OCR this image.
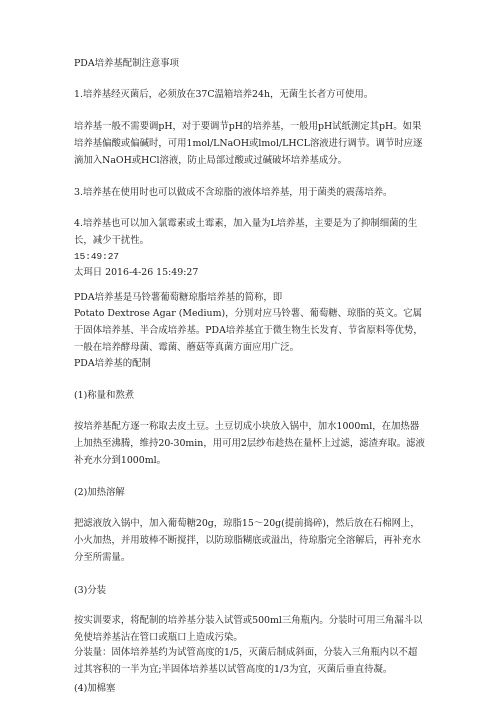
PDA培养基配制注意事项

1.培养基经灭菌后，必须放在37C温箱培养24h，无菌生长者方可使用。

培养基一般不需要调pH，对于要调节pH的培养基，一般用pH试纸测定其pH。如果培养基偏酸或偏碱时，可用1mol/LNaOH或lmol/LHCL溶液进行调节。调节时应逐滴加入NaOH或HCl溶液，防止局部过酸或过碱破坏培养基成分。

3.培养基在使用时也可以做成不含琼脂的液体培养基，用于菌类的震荡培养。

4.培养基也可以加入氯霉素或土霉素，加入量为L培养基，主要是为了抑制细菌的生长，减少干扰性。

15:49:27

太珥日 2016-4-26 15:49:27

PDA培养基是马铃薯葡萄糖琼脂培养基的简称，即

Potato Dextrose Agar (Medium)，分别对应马铃薯、葡萄糖、琼脂的英文。它属于固体培养基、半合成培养基。PDA培养基宜于微生物生长发育、节省原料等优势，一般在培养酵母菌、霉菌、蘑菇等真菌方面应用广泛。

PDA培养基的配制

(1)称量和熬煮

按培养基配方逐一称取去皮土豆。土豆切成小块放入锅中，加水1000ml，在加热器上加热至沸腾，维持20-30min，用可用2层纱布趁热在量杯上过滤，滤渣弃取。滤液补充水分到1000ml。

(2)加热溶解

把滤液放入锅中，加入葡萄糖20g，琼脂15～20g(提前捣碎)，然后放在石棉网上，小火加热，并用玻棒不断搅拌，以防琼脂糊底或溢出，待琼脂完全溶解后，再补充水分至所需量。

(3)分装

按实训要求，将配制的培养基分装入试管或500ml三角瓶内。分装时可用三角漏斗以免使培养基沾在管口或瓶口上造成污染。

分装量：固体培养基约为试管高度的1/5，灭菌后制成斜面，分装入三角瓶内以不超过其容积的一半为宜;半固体培养基以试管高度的1/3为宜，灭菌后垂直待凝。

(4)加棉塞
